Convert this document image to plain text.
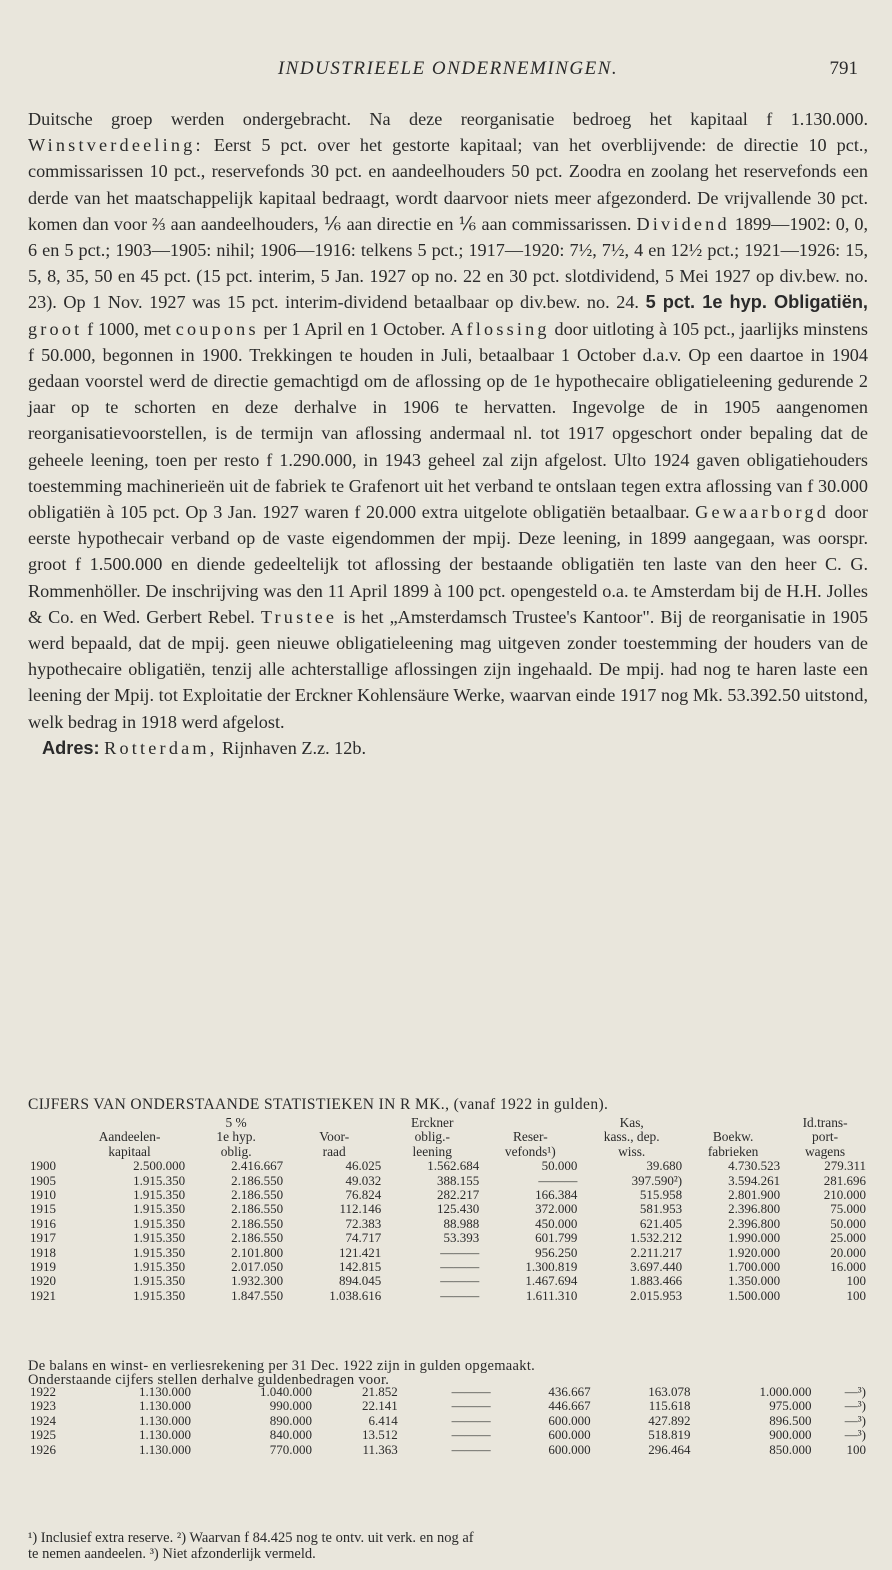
INDUSTRIEELE ONDERNEMINGEN.	791

Duitsche groep werden ondergebracht. Na deze reorganisatie bedroeg het kapitaal f 1.130.000. Winstverdeeling: Eerst 5 pct. over het gestorte kapitaal; van het overblijvende: de directie 10 pct., commissarissen 10 pct., reservefonds 30 pct. en aandeelhouders 50 pct. Zoodra en zoolang het reservefonds een derde van het maatschappelijk kapitaal bedraagt, wordt daarvoor niets meer afgezonderd. De vrijvallende 30 pct. komen dan voor ⅔ aan aandeelhouders, ⅙ aan directie en ⅙ aan commissarissen. Dividend 1899—1902: 0, 0, 6 en 5 pct.; 1903—1905: nihil; 1906—1916: telkens 5 pct.; 1917—1920: 7½, 7½, 4 en 12½ pct.; 1921—1926: 15, 5, 8, 35, 50 en 45 pct. (15 pct. interim, 5 Jan. 1927 op no. 22 en 30 pct. slotdividend, 5 Mei 1927 op div.bew. no. 23). Op 1 Nov. 1927 was 15 pct. interim-dividend betaalbaar op div.bew. no. 24. 5 pct. 1e hyp. Obligatiën, groot f 1000, met coupons per 1 April en 1 October. Aflossing door uitloting à 105 pct., jaarlijks minstens f 50.000, begonnen in 1900. Trekkingen te houden in Juli, betaalbaar 1 October d.a.v. Op een daartoe in 1904 gedaan voorstel werd de directie gemachtigd om de aflossing op de 1e hypothecaire obligatieleening gedurende 2 jaar op te schorten en deze derhalve in 1906 te hervatten. Ingevolge de in 1905 aangenomen reorganisatievoorstellen, is de termijn van aflossing andermaal nl. tot 1917 opgeschort onder bepaling dat de geheele leening, toen per resto f 1.290.000, in 1943 geheel zal zijn afgelost. Ulto 1924 gaven obligatiehouders toestemming machinerieën uit de fabriek te Grafenort uit het verband te ontslaan tegen extra aflossing van f 30.000 obligatiën à 105 pct. Op 3 Jan. 1927 waren f 20.000 extra uitgelote obligatiën betaalbaar. Gewaarborgd door eerste hypothecair verband op de vaste eigendommen der mpij. Deze leening, in 1899 aangegaan, was oorspr. groot f 1.500.000 en diende gedeeltelijk tot aflossing der bestaande obligatiën ten laste van den heer C. G. Rommenhöller. De inschrijving was den 11 April 1899 à 100 pct. opengesteld o.a. te Amsterdam bij de H.H. Jolles & Co. en Wed. Gerbert Rebel. Trustee is het „Amsterdamsch Trustee's Kantoor". Bij de reorganisatie in 1905 werd bepaald, dat de mpij. geen nieuwe obligatieleening mag uitgeven zonder toestemming der houders van de hypothecaire obligatiën, tenzij alle achterstallige aflossingen zijn ingehaald. De mpij. had nog te haren laste een leening der Mpij. tot Exploitatie der Erckner Kohlensäure Werke, waarvan einde 1917 nog Mk. 53.392.50 uitstond, welk bedrag in 1918 werd afgelost.

Adres: Rotterdam, Rijnhaven Z.z. 12b.

CIJFERS VAN ONDERSTAANDE STATISTIEKEN IN R MK., (vanaf 1922 in gulden).
		5 %		Erckner		Kas,		Id.trans-
	Aandeelen-	1e hyp.	Voor-	oblig.-	Reser-	kass., dep.	Boekw.	port-
	kapitaal	oblig.	raad	leening	vefonds¹)	wiss.	fabrieken	wagens
1900	2.500.000	2.416.667	46.025	1.562.684	50.000	39.680	4.730.523	279.311
1905	1.915.350	2.186.550	49.032	388.155	———	397.590²)	3.594.261	281.696
1910	1.915.350	2.186.550	76.824	282.217	166.384	515.958	2.801.900	210.000
1915	1.915.350	2.186.550	112.146	125.430	372.000	581.953	2.396.800	75.000
1916	1.915.350	2.186.550	72.383	88.988	450.000	621.405	2.396.800	50.000
1917	1.915.350	2.186.550	74.717	53.393	601.799	1.532.212	1.990.000	25.000
1918	1.915.350	2.101.800	121.421	———	956.250	2.211.217	1.920.000	20.000
1919	1.915.350	2.017.050	142.815	———	1.300.819	3.697.440	1.700.000	16.000
1920	1.915.350	1.932.300	894.045	———	1.467.694	1.883.466	1.350.000	100
1921	1.915.350	1.847.550	1.038.616	———	1.611.310	2.015.953	1.500.000	100
De balans en winst- en verliesrekening per 31 Dec. 1922 zijn in gulden opgemaakt.
Onderstaande cijfers stellen derhalve guldenbedragen voor.
1922	1.130.000	1.040.000	21.852	———	436.667	163.078	1.000.000	—³)
1923	1.130.000	990.000	22.141	———	446.667	115.618	975.000	—³)
1924	1.130.000	890.000	6.414	———	600.000	427.892	896.500	—³)
1925	1.130.000	840.000	13.512	———	600.000	518.819	900.000	—³)
1926	1.130.000	770.000	11.363	———	600.000	296.464	850.000	100
¹) Inclusief extra reserve. ²) Waarvan f 84.425 nog te ontv. uit verk. en nog af
te nemen aandeelen. ³) Niet afzonderlijk vermeld.
